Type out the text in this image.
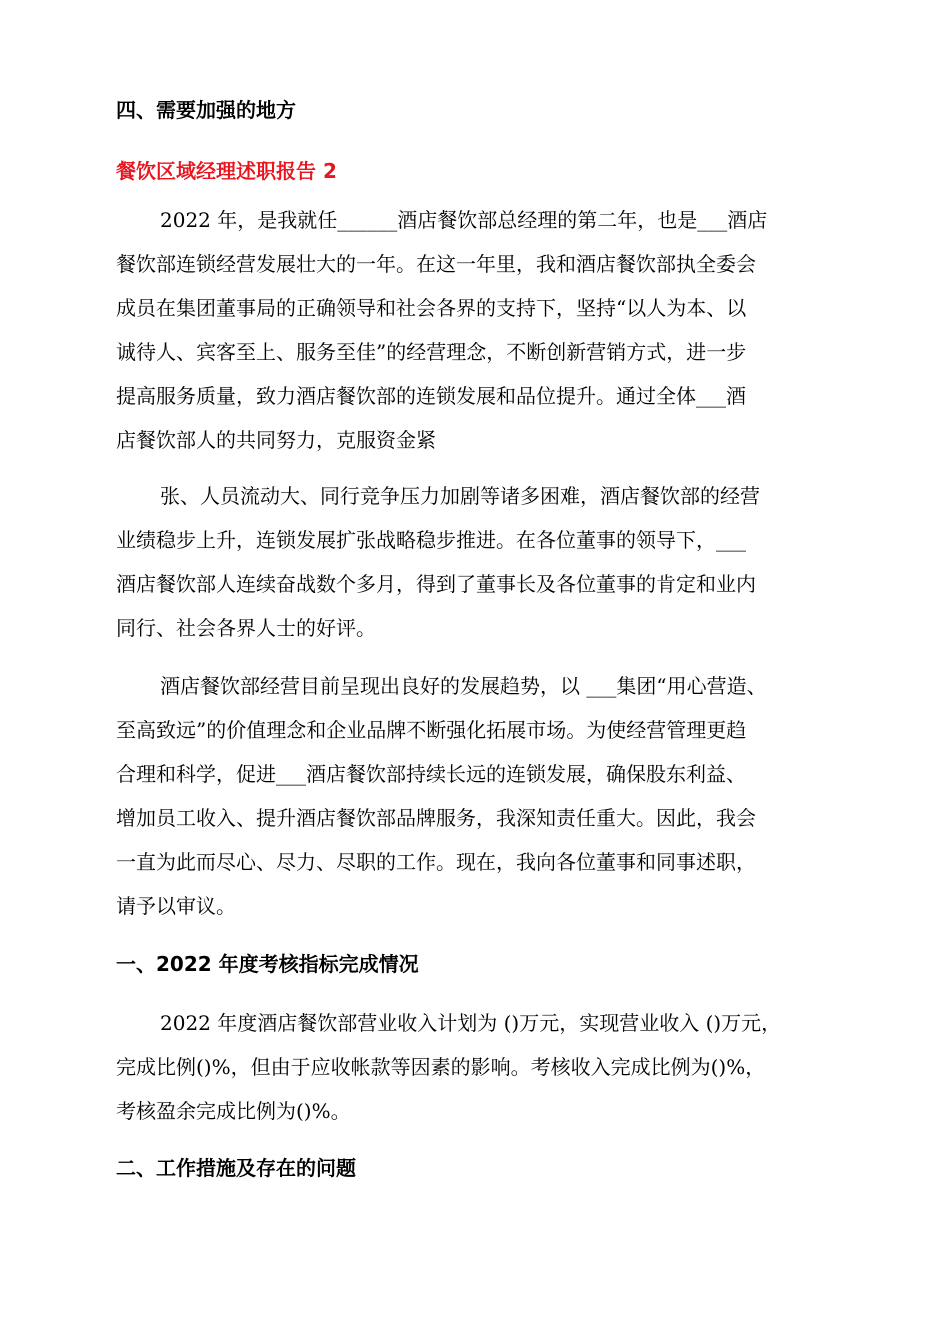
四、需要加强的地方
餐饮区域经理述职报告 2
2022 年，是我就任______酒店餐饮部总经理的第二年，也是___酒店
餐饮部连锁经营发展壮大的一年。在这一年里，我和酒店餐饮部执全委会
成员在集团董事局的正确领导和社会各界的支持下，坚持“以人为本、以
诚待人、宾客至上、服务至佳”的经营理念，不断创新营销方式，进一步
提高服务质量，致力酒店餐饮部的连锁发展和品位提升。通过全体___酒
店餐饮部人的共同努力，克服资金紧
张、人员流动大、同行竞争压力加剧等诸多困难，酒店餐饮部的经营
业绩稳步上升，连锁发展扩张战略稳步推进。在各位董事的领导下，___
酒店餐饮部人连续奋战数个多月，得到了董事长及各位董事的肯定和业内
同行、社会各界人士的好评。
酒店餐饮部经营目前呈现出良好的发展趋势，以 ___集团“用心营造、
至高致远”的价值理念和企业品牌不断强化拓展市场。为使经营管理更趋
合理和科学，促进___酒店餐饮部持续长远的连锁发展，确保股东利益、
增加员工收入、提升酒店餐饮部品牌服务，我深知责任重大。因此，我会
一直为此而尽心、尽力、尽职的工作。现在，我向各位董事和同事述职，
请予以审议。
一、2022 年度考核指标完成情况
2022 年度酒店餐饮部营业收入计划为 ()万元，实现营业收入 ()万元，
完成比例()%，但由于应收帐款等因素的影响。考核收入完成比例为()%，
考核盈余完成比例为()%。
二、工作措施及存在的问题
